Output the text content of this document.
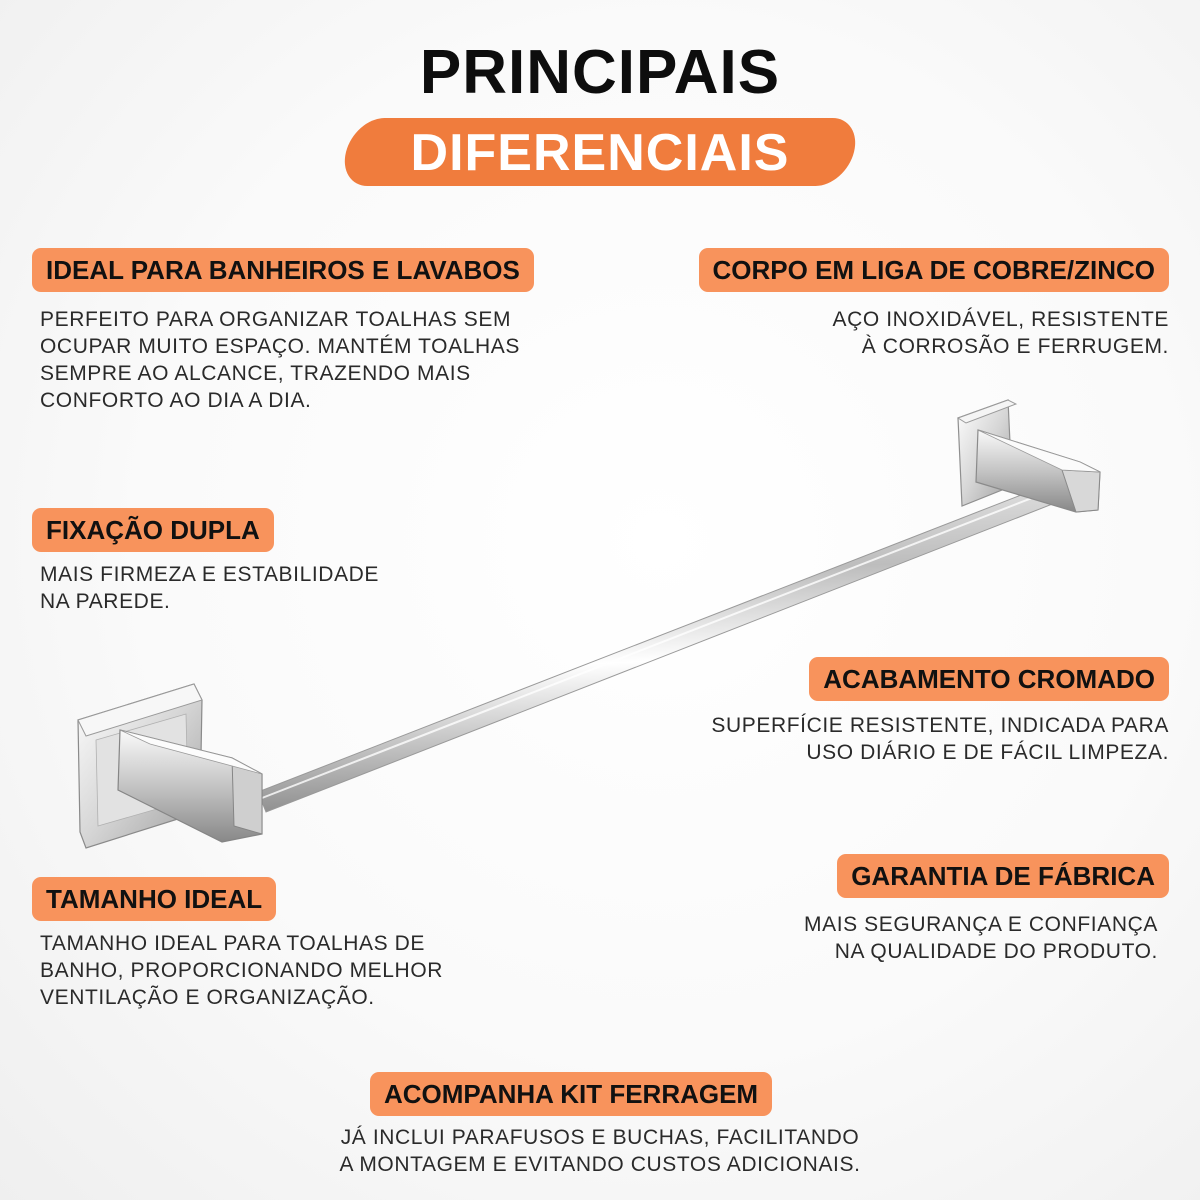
PRINCIPAIS
DIFERENCIAIS
IDEAL PARA BANHEIROS E LAVABOS
PERFEITO PARA ORGANIZAR TOALHAS SEM
OCUPAR MUITO ESPAÇO. MANTÉM TOALHAS
SEMPRE AO ALCANCE, TRAZENDO MAIS
CONFORTO AO DIA A DIA.
CORPO EM LIGA DE COBRE/ZINCO
AÇO INOXIDÁVEL, RESISTENTE
À CORROSÃO E FERRUGEM.
FIXAÇÃO DUPLA
MAIS FIRMEZA E ESTABILIDADE
NA PAREDE.
ACABAMENTO CROMADO
SUPERFÍCIE RESISTENTE, INDICADA PARA
USO DIÁRIO E DE FÁCIL LIMPEZA.
GARANTIA DE FÁBRICA
MAIS SEGURANÇA E CONFIANÇA
NA QUALIDADE DO PRODUTO.
TAMANHO IDEAL
TAMANHO IDEAL PARA TOALHAS DE
BANHO, PROPORCIONANDO MELHOR
VENTILAÇÃO E ORGANIZAÇÃO.
ACOMPANHA KIT FERRAGEM
JÁ INCLUI PARAFUSOS E BUCHAS, FACILITANDO
A MONTAGEM E EVITANDO CUSTOS ADICIONAIS.
